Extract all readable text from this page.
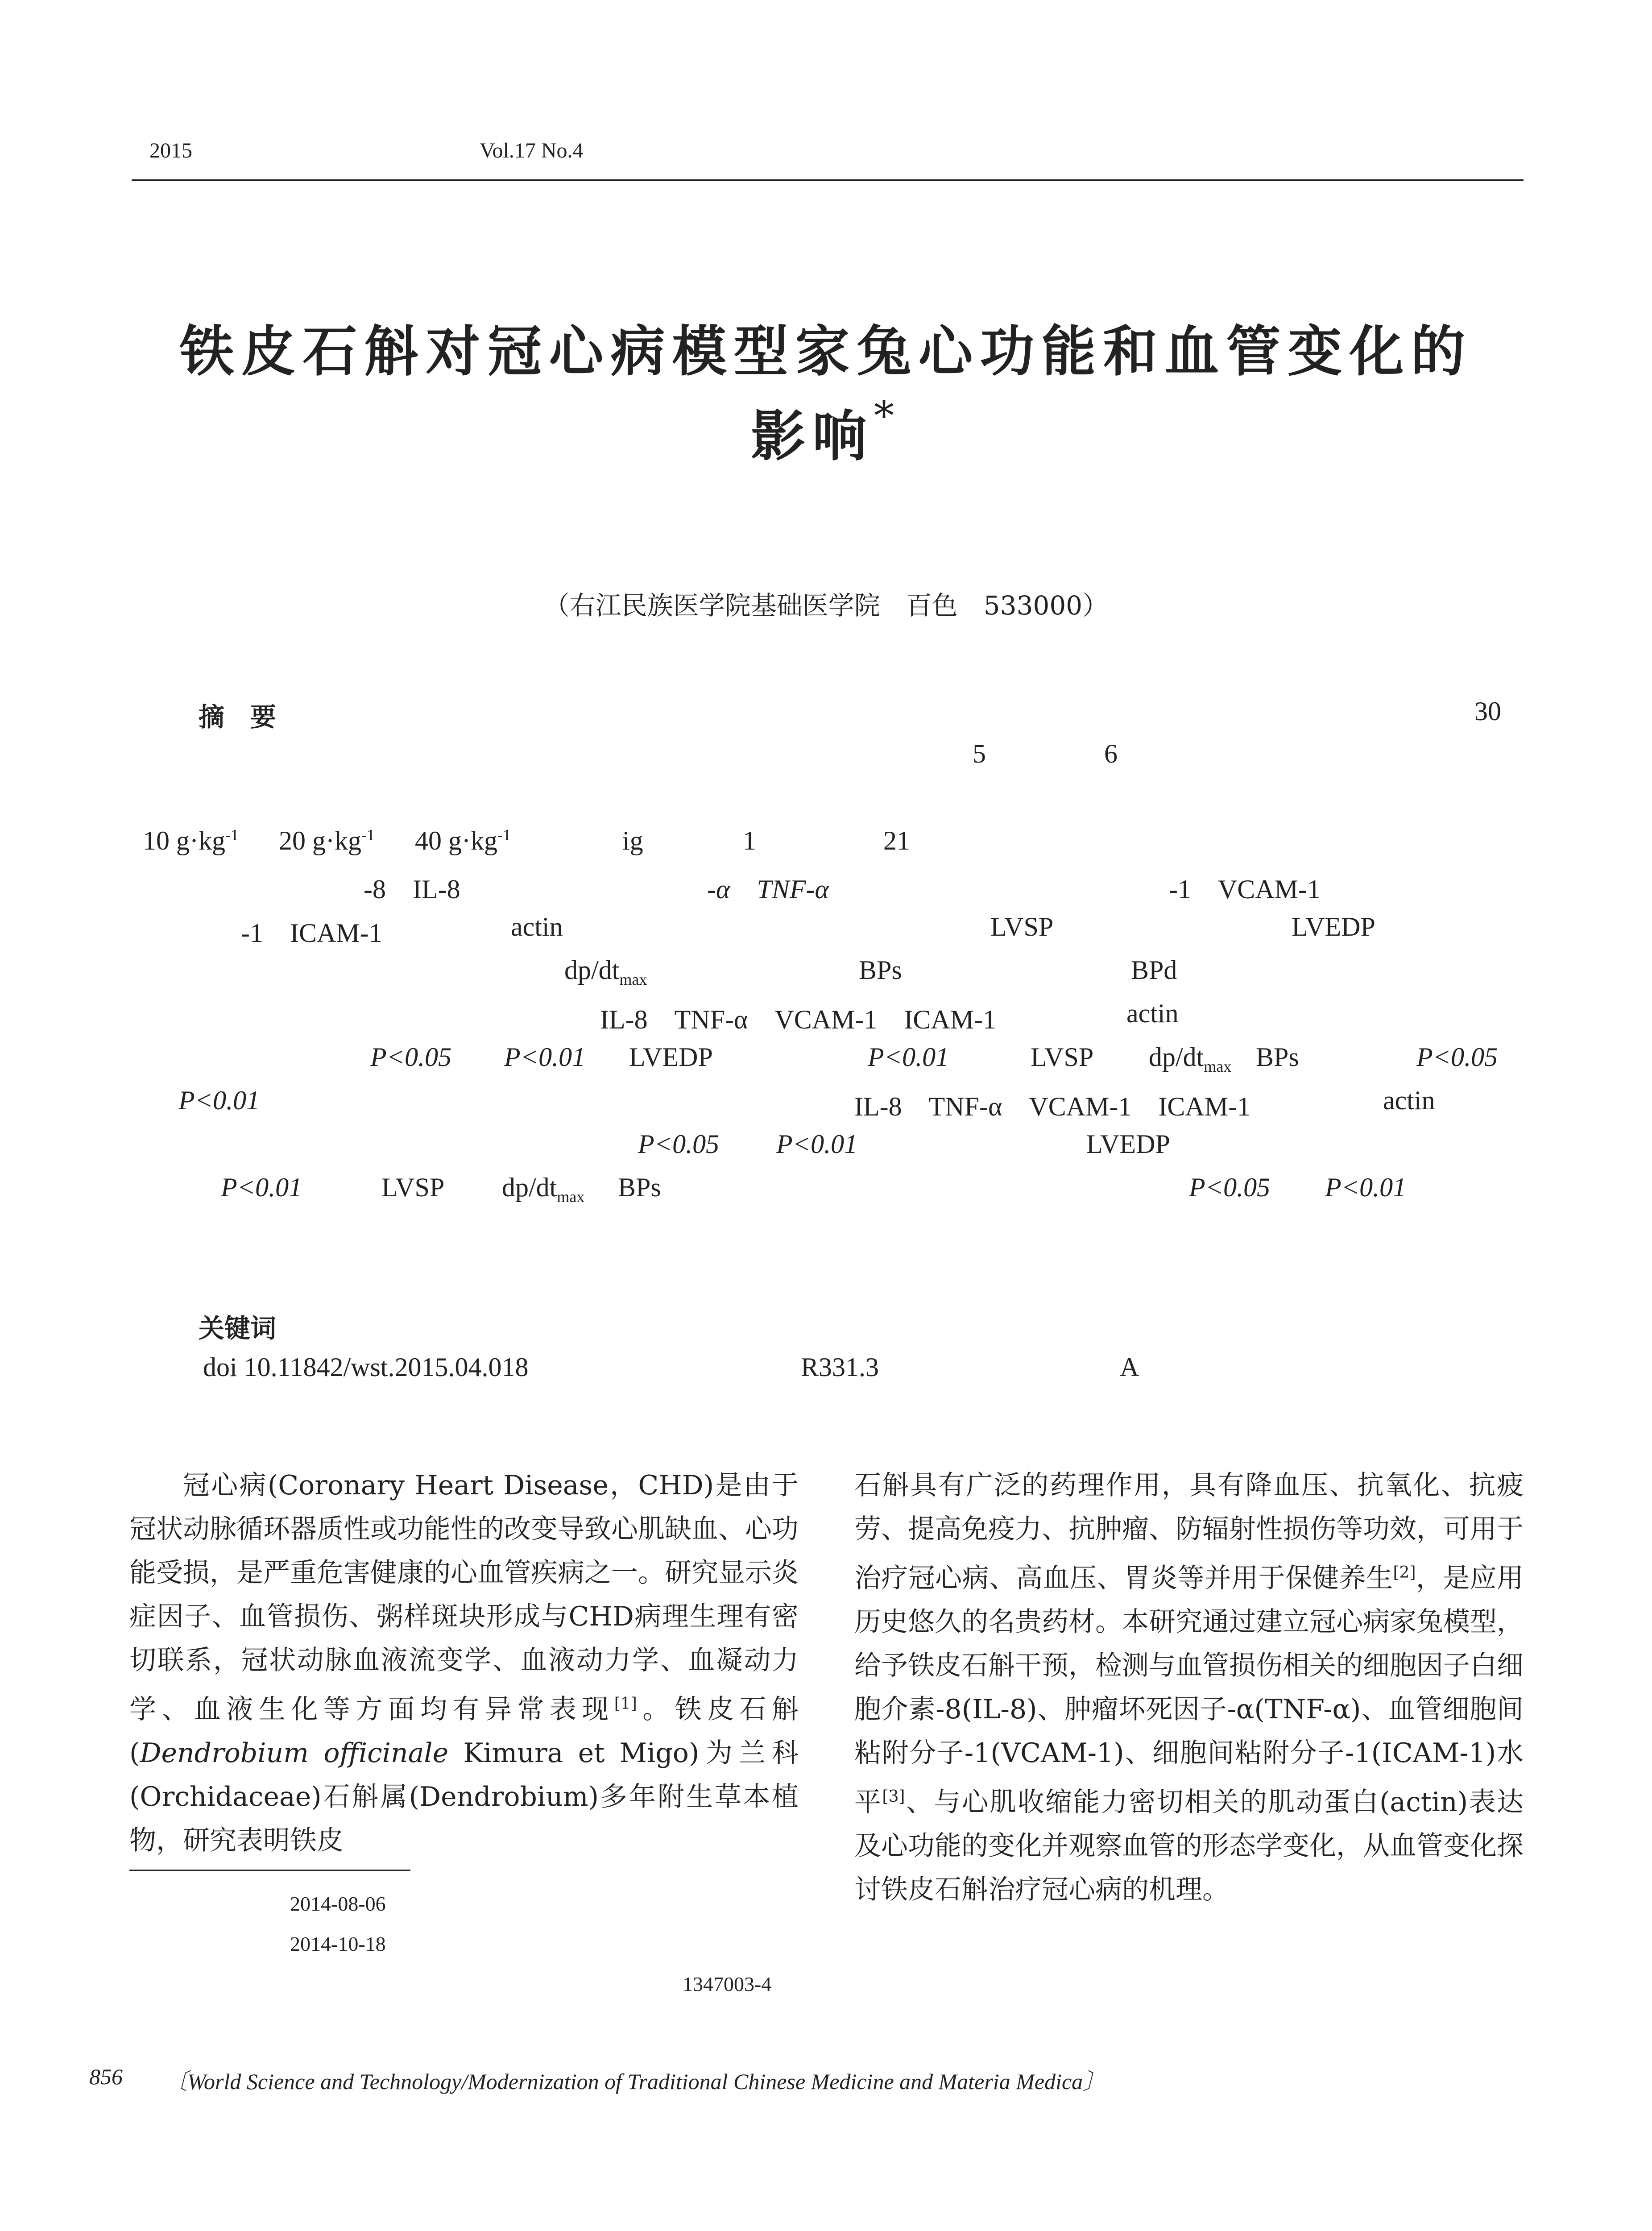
2015	Vol.17 No.4
铁皮石斛对冠心病模型家兔心功能和血管变化的
影响*
（右江民族医学院基础医学院　百色　533000）
摘　要	30
5	6
10 $g\cdot kg^{-1}$ 20 $g\cdot kg^{-1}$ 40 $g\cdot kg^{-1}$	ig	1	21
-8　IL-8	-α　TNF-α	-1　VCAM-1
-1　ICAM-1	actin	LVSP	LVEDP
$dp/dt_{max}$	BPs	BPd
IL-8　TNF-α　VCAM-1　ICAM-1	actin
P<0.05 P<0.01 LVEDP	P<0.01	LVSP $dp/dt_{max}$ BPs	P<0.05
P<0.01	IL-8　TNF-α　VCAM-1　ICAM-1	actin
P<0.05 P<0.01	LVEDP
P<0.01	LVSP $dp/dt_{max}$ BPs	P<0.05 P<0.01
关键词
doi 10.11842/wst.2015.04.018	R331.3	A

冠心病(Coronary Heart Disease，CHD)是由于冠状动脉循环器质性或功能性的改变导致心肌缺血、心功能受损，是严重危害健康的心血管疾病之一。研究显示炎症因子、血管损伤、粥样斑块形成与CHD病理生理有密切联系，冠状动脉血液流变学、血液动力学、血凝动力学、血液生化等方面均有异常表现[1]。铁皮石斛(Dendrobium officinale Kimura et Migo)为兰科(Orchidaceae)石斛属(Dendrobium)多年附生草本植物，研究表明铁皮

石斛具有广泛的药理作用，具有降血压、抗氧化、抗疲劳、提高免疫力、抗肿瘤、防辐射性损伤等功效，可用于治疗冠心病、高血压、胃炎等并用于保健养生[2]，是应用历史悠久的名贵药材。本研究通过建立冠心病家兔模型，给予铁皮石斛干预，检测与血管损伤相关的细胞因子白细胞介素-8(IL-8)、肿瘤坏死因子-α(TNF-α)、血管细胞间粘附分子-1(VCAM-1)、细胞间粘附分子-1(ICAM-1)水平[3]、与心肌收缩能力密切相关的肌动蛋白(actin)表达及心功能的变化并观察血管的形态学变化，从血管变化探讨铁皮石斛治疗冠心病的机理。

2014-08-06
2014-10-18
1347003-4
856 〔World Science and Technology/Modernization of Traditional Chinese Medicine and Materia Medica〕
